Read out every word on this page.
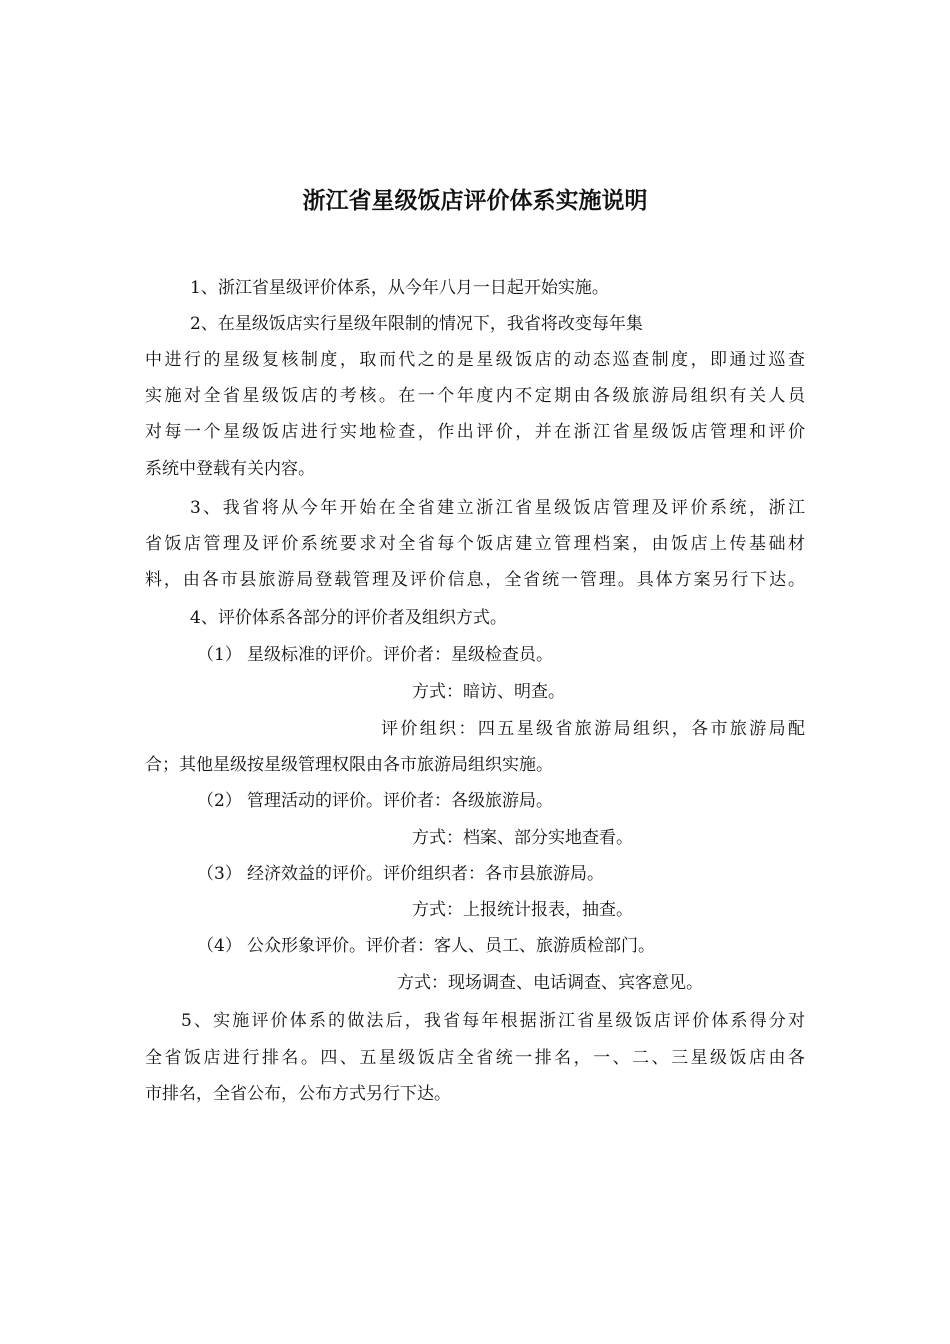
浙江省星级饭店评价体系实施说明
1、浙江省星级评价体系，从今年八月一日起开始实施。
2、在星级饭店实行星级年限制的情况下，我省将改变每年集
中进行的星级复核制度，取而代之的是星级饭店的动态巡查制度，即通过巡查
实施对全省星级饭店的考核。在一个年度内不定期由各级旅游局组织有关人员
对每一个星级饭店进行实地检查，作出评价，并在浙江省星级饭店管理和评价
系统中登载有关内容。
3、我省将从今年开始在全省建立浙江省星级饭店管理及评价系统，浙江
省饭店管理及评价系统要求对全省每个饭店建立管理档案，由饭店上传基础材
料，由各市县旅游局登载管理及评价信息，全省统一管理。具体方案另行下达。
4、评价体系各部分的评价者及组织方式。
（1） 星级标准的评价。评价者：星级检查员。
方式：暗访、明查。
评价组织：四五星级省旅游局组织，各市旅游局配
合；其他星级按星级管理权限由各市旅游局组织实施。
（2） 管理活动的评价。评价者：各级旅游局。
方式：档案、部分实地查看。
（3） 经济效益的评价。评价组织者：各市县旅游局。
方式：上报统计报表，抽查。
（4） 公众形象评价。评价者：客人、员工、旅游质检部门。
方式：现场调查、电话调查、宾客意见。
5、实施评价体系的做法后，我省每年根据浙江省星级饭店评价体系得分对
全省饭店进行排名。四、五星级饭店全省统一排名，一、二、三星级饭店由各
市排名，全省公布，公布方式另行下达。
